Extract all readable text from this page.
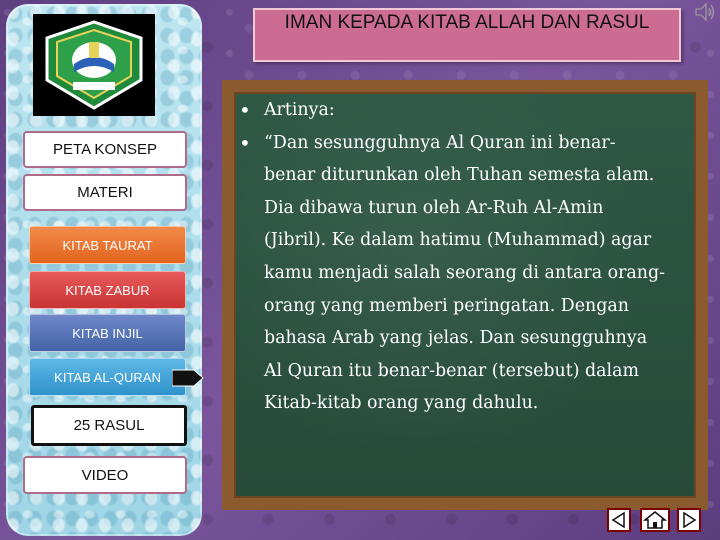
PETA KONSEP
MATERI
KITAB TAURAT
KITAB ZABUR
KITAB INJIL
KITAB AL-QURAN
25 RASUL
VIDEO
IMAN KEPADA KITAB ALLAH DAN RASUL
• Artinya:
• “Dan sesungguhnya Al Quran ini benar-
benar diturunkan oleh Tuhan semesta alam.
Dia dibawa turun oleh Ar-Ruh Al-Amin
(Jibril). Ke dalam hatimu (Muhammad) agar
kamu menjadi salah seorang di antara orang-
orang yang memberi peringatan. Dengan
bahasa Arab yang jelas. Dan sesungguhnya
Al Quran itu benar-benar (tersebut) dalam
Kitab-kitab orang yang dahulu.
